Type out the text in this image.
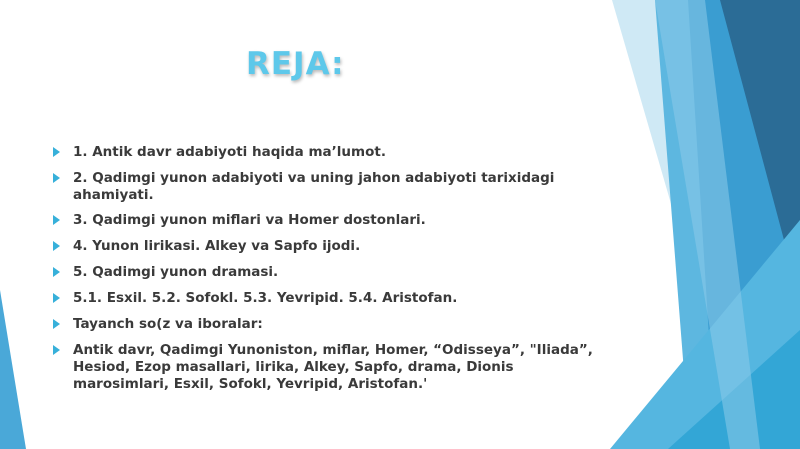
REJA:
1. Antik davr adabiyoti haqida ma’lumot.
2. Qadimgi yunon adabiyoti va uning jahon adabiyoti tarixidagi ahamiyati.
3. Qadimgi yunon miflari va Homer dostonlari.
4. Yunon lirikasi. Alkey va Sapfo ijodi.
5. Qadimgi yunon dramasi.
5.1. Esxil. 5.2. Sofokl. 5.3. Yevripid. 5.4. Aristofan.
Tayanch so(z va iboralar:
Antik davr, Qadimgi Yunoniston, miflar, Homer, “Odisseya”, "Iliada”, Hesiod, Ezop masallari, lirika, Alkey, Sapfo, drama, Dionis marosimlari, Esxil, Sofokl, Yevripid, Aristofan.'
